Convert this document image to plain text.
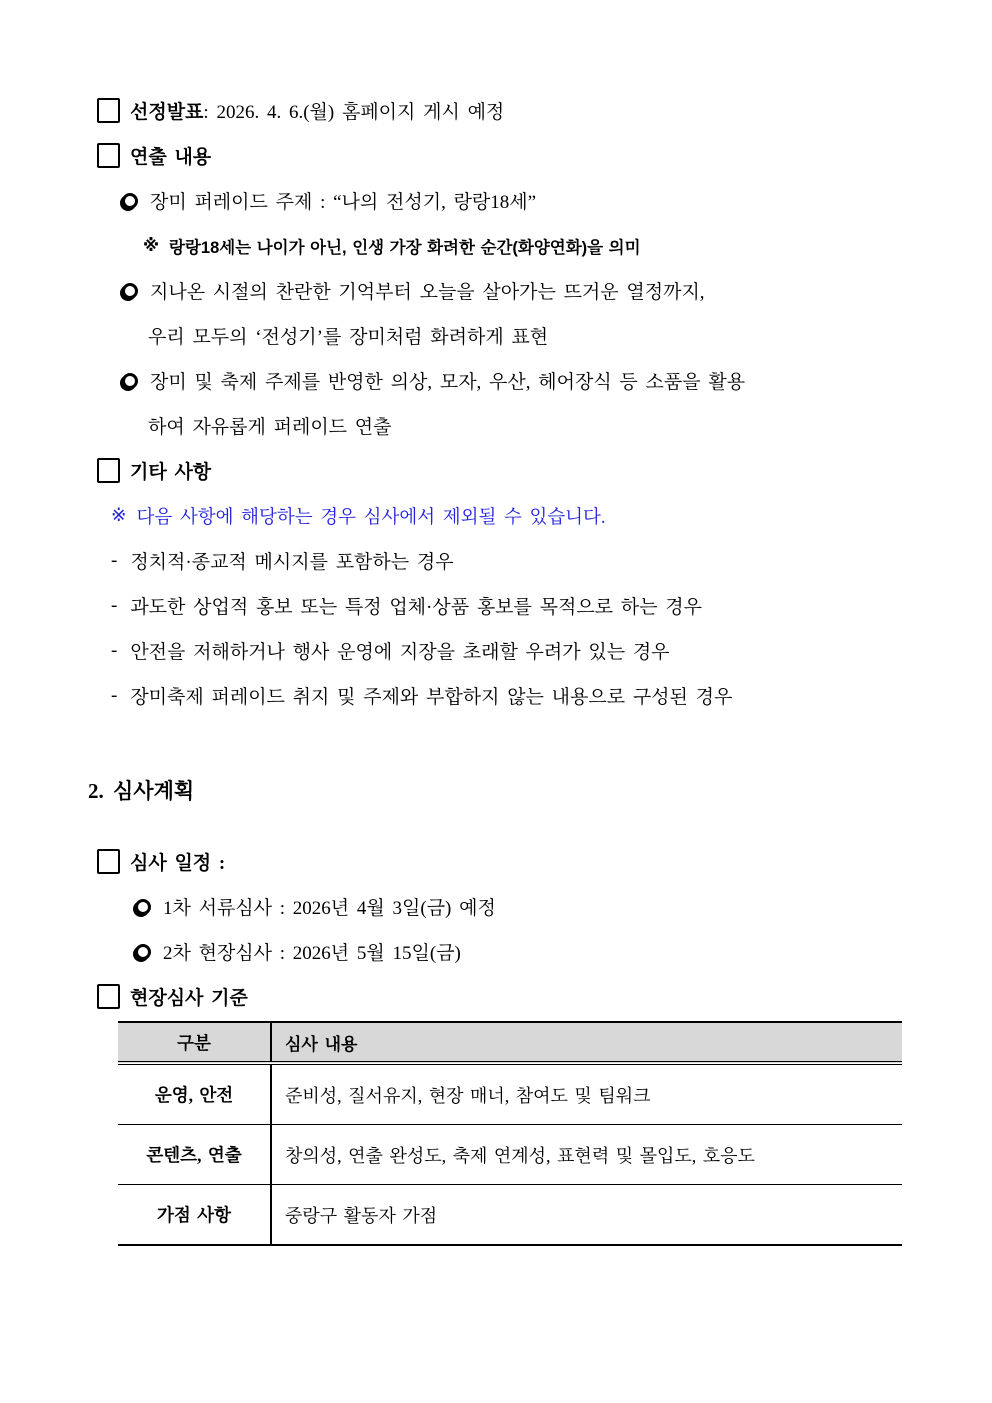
선정발표 : 2026. 4. 6.(월) 홈페이지 게시 예정
연출 내용
장미 퍼레이드 주제 : “나의 전성기, 랑랑18세”
※ 랑랑18세는 나이가 아닌, 인생 가장 화려한 순간(화양연화)을 의미
지나온 시절의 찬란한 기억부터 오늘을 살아가는 뜨거운 열정까지,
우리 모두의 ‘전성기’를 장미처럼 화려하게 표현
장미 및 축제 주제를 반영한 의상, 모자, 우산, 헤어장식 등 소품을 활용
하여 자유롭게 퍼레이드 연출
기타 사항
※ 다음 사항에 해당하는 경우 심사에서 제외될 수 있습니다.
- 정치적·종교적 메시지를 포함하는 경우
- 과도한 상업적 홍보 또는 특정 업체·상품 홍보를 목적으로 하는 경우
- 안전을 저해하거나 행사 운영에 지장을 초래할 우려가 있는 경우
- 장미축제 퍼레이드 취지 및 주제와 부합하지 않는 내용으로 구성된 경우
2. 심사계획
심사 일정 :
1차 서류심사 : 2026년 4월 3일(금) 예정
2차 현장심사 : 2026년 5월 15일(금)
현장심사 기준
구분	심사 내용
운영, 안전	준비성, 질서유지, 현장 매너, 참여도 및 팀워크
콘텐츠, 연출	창의성, 연출 완성도, 축제 연계성, 표현력 및 몰입도, 호응도
가점 사항	중랑구 활동자 가점
